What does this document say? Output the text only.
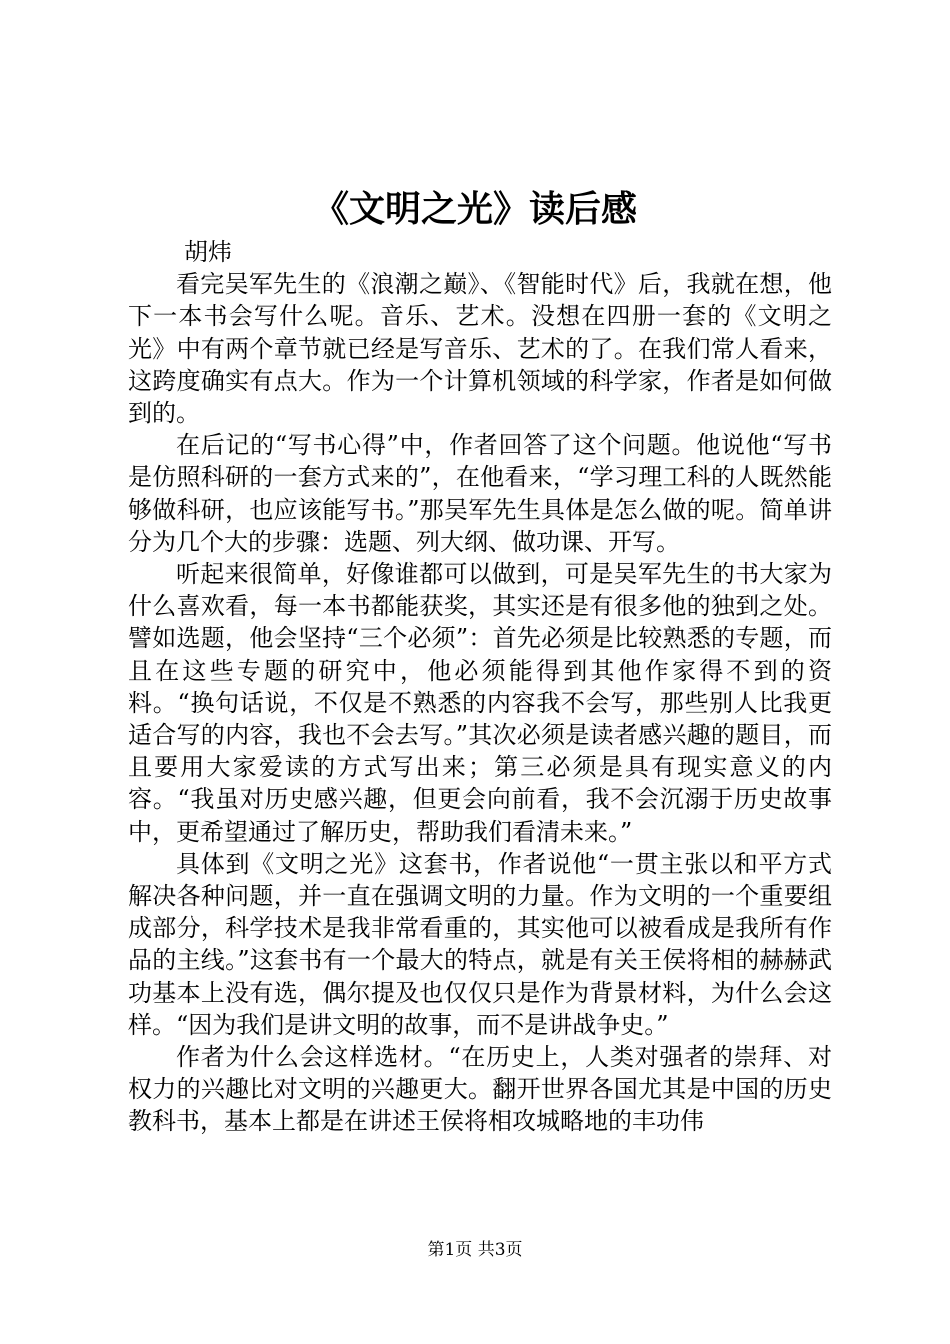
《文明之光》读后感

胡炜

看完吴军先生的《浪潮之巅》、《智能时代》后，我就在想，他下一本书会写什么呢。音乐、艺术。没想在四册一套的《文明之光》中有两个章节就已经是写音乐、艺术的了。在我们常人看来，这跨度确实有点大。作为一个计算机领域的科学家，作者是如何做到的。

在后记的“写书心得”中，作者回答了这个问题。他说他“写书是仿照科研的一套方式来的”，在他看来，“学习理工科的人既然能够做科研，也应该能写书。”那吴军先生具体是怎么做的呢。简单讲分为几个大的步骤：选题、列大纲、做功课、开写。

听起来很简单，好像谁都可以做到，可是吴军先生的书大家为什么喜欢看，每一本书都能获奖，其实还是有很多他的独到之处。譬如选题，他会坚持“三个必须”：首先必须是比较熟悉的专题，而且在这些专题的研究中，他必须能得到其他作家得不到的资料。“换句话说，不仅是不熟悉的内容我不会写，那些别人比我更适合写的内容，我也不会去写。”其次必须是读者感兴趣的题目，而且要用大家爱读的方式写出来；第三必须是具有现实意义的内容。“我虽对历史感兴趣，但更会向前看，我不会沉溺于历史故事中，更希望通过了解历史，帮助我们看清未来。”

具体到《文明之光》这套书，作者说他“一贯主张以和平方式解决各种问题，并一直在强调文明的力量。作为文明的一个重要组成部分，科学技术是我非常看重的，其实他可以被看成是我所有作品的主线。”这套书有一个最大的特点，就是有关王侯将相的赫赫武功基本上没有选，偶尔提及也仅仅只是作为背景材料，为什么会这样。“因为我们是讲文明的故事，而不是讲战争史。”

作者为什么会这样选材。“在历史上，人类对强者的崇拜、对权力的兴趣比对文明的兴趣更大。翻开世界各国尤其是中国的历史教科书，基本上都是在讲述王侯将相攻城略地的丰功伟

第1页 共3页
